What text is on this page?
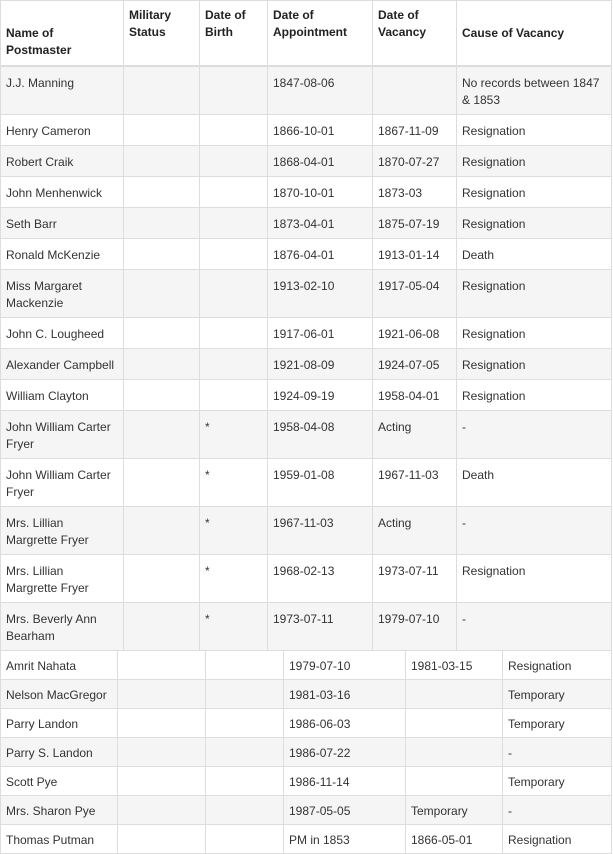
Name of Postmaster	Military Status	Date of Birth	Date of Appointment	Date of Vacancy	Cause of Vacancy
J.J. Manning			1847-08-06		No records between 1847 & 1853
Henry Cameron			1866-10-01	1867-11-09	Resignation
Robert Craik			1868-04-01	1870-07-27	Resignation
John Menhenwick			1870-10-01	1873-03	Resignation
Seth Barr			1873-04-01	1875-07-19	Resignation
Ronald McKenzie			1876-04-01	1913-01-14	Death
Miss Margaret Mackenzie			1913-02-10	1917-05-04	Resignation
John C. Lougheed			1917-06-01	1921-06-08	Resignation
Alexander Campbell			1921-08-09	1924-07-05	Resignation
William Clayton			1924-09-19	1958-04-01	Resignation
John William Carter Fryer		*	1958-04-08	Acting	-
John William Carter Fryer		*	1959-01-08	1967-11-03	Death
Mrs. Lillian Margrette Fryer		*	1967-11-03	Acting	-
Mrs. Lillian Margrette Fryer		*	1968-02-13	1973-07-11	Resignation
Mrs. Beverly Ann Bearham		*	1973-07-11	1979-07-10	-
Amrit Nahata			1979-07-10	1981-03-15	Resignation
Nelson MacGregor			1981-03-16		Temporary
Parry Landon			1986-06-03		Temporary
Parry S. Landon			1986-07-22		-
Scott Pye			1986-11-14		Temporary
Mrs. Sharon Pye			1987-05-05	Temporary	-
Thomas Putman			PM in 1853	1866-05-01	Resignation
